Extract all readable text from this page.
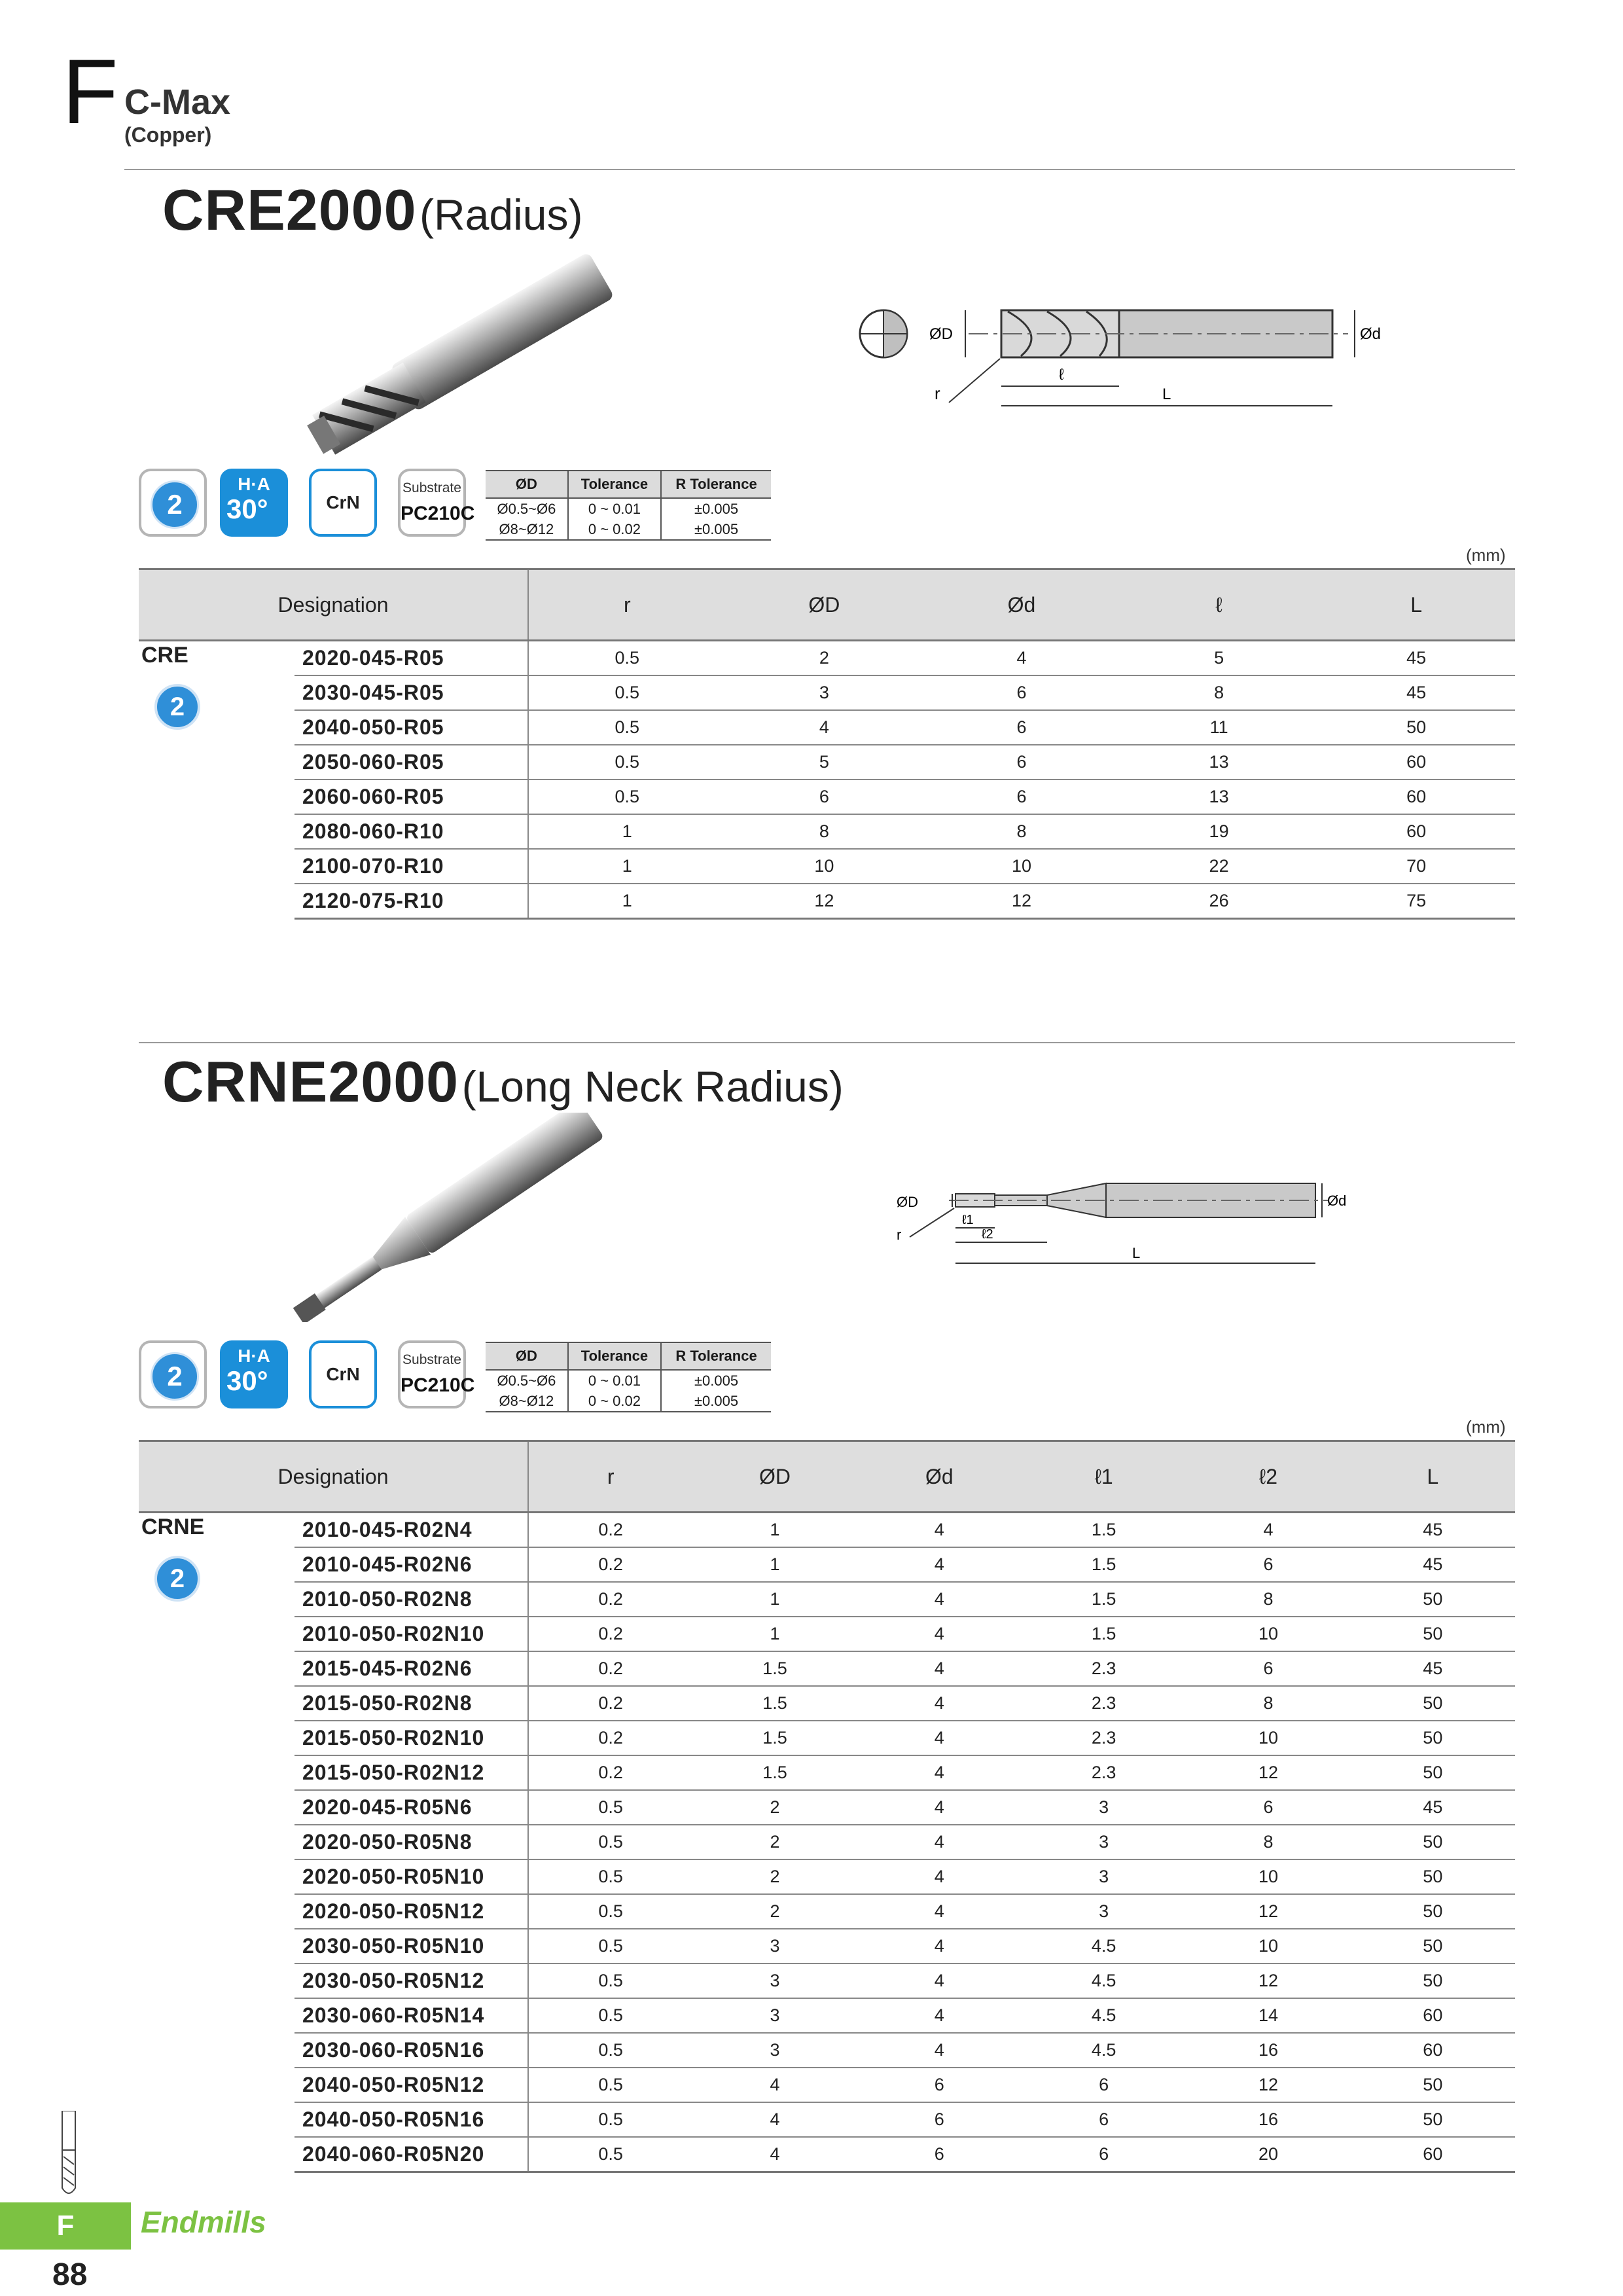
F C-Max
(Copper)
CRE2000 (Radius)
ØD	Ød
ℓ
L
r
2
H·A
30°	CrN
Substrate
PC210C
ØD	Tolerance	R Tolerance
Ø0.5~Ø6	0 ~ 0.01	±0.005
Ø8~Ø12	0 ~ 0.02	±0.005
(mm)
Designation		r	ØD	Ød	ℓ	L
CRE
2	2020-045-R05	0.5	2	4	5	45
	2030-045-R05	0.5	3	6	8	45
	2040-050-R05	0.5	4	6	11	50
	2050-060-R05	0.5	5	6	13	60
	2060-060-R05	0.5	6	6	13	60
	2080-060-R10	1	8	8	19	60
	2100-070-R10	1	10	10	22	70
	2120-075-R10	1	12	12	26	75
CRNE2000 (Long Neck Radius)
ØD	Ød
ℓ1
ℓ2
L
r
2
H·A
30°	CrN
Substrate
PC210C
ØD	Tolerance	R Tolerance
Ø0.5~Ø6	0 ~ 0.01	±0.005
Ø8~Ø12	0 ~ 0.02	±0.005
(mm)
Designation		r	ØD	Ød	ℓ1	ℓ2	L
CRNE
2	2010-045-R02N4	0.2	1	4	1.5	4	45
	2010-045-R02N6	0.2	1	4	1.5	6	45
	2010-050-R02N8	0.2	1	4	1.5	8	50
	2010-050-R02N10	0.2	1	4	1.5	10	50
	2015-045-R02N6	0.2	1.5	4	2.3	6	45
	2015-050-R02N8	0.2	1.5	4	2.3	8	50
	2015-050-R02N10	0.2	1.5	4	2.3	10	50
	2015-050-R02N12	0.2	1.5	4	2.3	12	50
	2020-045-R05N6	0.5	2	4	3	6	45
	2020-050-R05N8	0.5	2	4	3	8	50
	2020-050-R05N10	0.5	2	4	3	10	50
	2020-050-R05N12	0.5	2	4	3	12	50
	2030-050-R05N10	0.5	3	4	4.5	10	50
	2030-050-R05N12	0.5	3	4	4.5	12	50
	2030-060-R05N14	0.5	3	4	4.5	14	60
	2030-060-R05N16	0.5	3	4	4.5	16	60
	2040-050-R05N12	0.5	4	6	6	12	50
	2040-050-R05N16	0.5	4	6	6	16	50
	2040-060-R05N20	0.5	4	6	6	20	60
F	Endmills
88
